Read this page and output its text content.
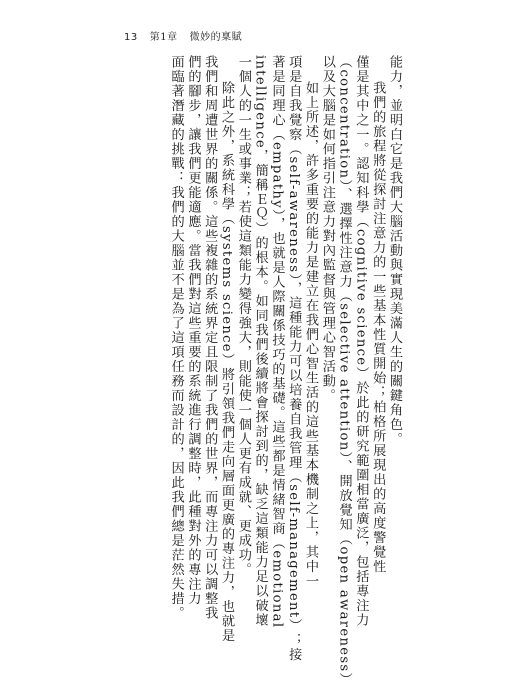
13 第1章 微妙的稟賦
能力，並明白它是我們大腦活動與實現美滿人生的關鍵角色。
我們的旅程將從探討注意力的一些基本性質開始；柏格所展現出的高度警覺性
僅是其中之一。認知科學（cognitive science）於此的研究範圍相當廣泛，包括專注力
（concentration）、選擇性注意力（selective attention）、開放覺知（open awareness）
以及大腦是如何指引注意力對內監督與管理心智活動。
如上所述，許多重要的能力是建立在我們心智生活的這些基本機制之上，其中一
項是自我覺察（self-awareness），這種能力可以培養自我管理（self-management）；接
著是同理心（empathy），也就是人際關係技巧的基礎。這些都是情緒智商（emotional
intelligence，簡稱ＥＱ）的根本。如同我們後續將會探討到的，缺乏這類能力足以破壞
一個人的一生或事業；若使這類能力變得強大，則能使一個人更有成就、更成功。
除此之外，系統科學（systems science）將引領我們走向層面更廣的專注力，也就是
我們和周遭世界的關係。這些複雜的系統界定且限制了我們的世界，而專注力可以調整我
們的腳步，讓我們更能適應。當我們對這些重要的系統進行調整時，此種對外的專注力
面臨著潛藏的挑戰：我們的大腦並不是為了這項任務而設計的，因此我們總是茫然失措。
